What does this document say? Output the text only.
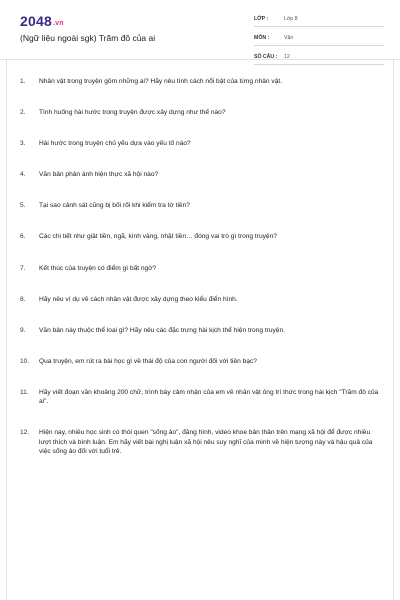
2048.vn
(Ngữ liệu ngoài sgk) Trăm đô của ai
LỚP :	Lớp 8
MÔN :	Văn
SỐ CÂU :	12
1.	Nhân vật trong truyện gồm những ai? Hãy nêu tính cách nổi bật của từng nhân vật.
2.	Tình huống hài hước trong truyện được xây dựng như thế nào?
3.	Hài hước trong truyện chủ yếu dựa vào yếu tố nào?
4.	Văn bản phản ánh hiện thực xã hội nào?
5.	Tại sao cảnh sát cũng bị bối rối khi kiểm tra tờ tiền?
6.	Các chi tiết như giật tiền, ngã, kính vàng, nhặt tiền… đóng vai trò gì trong truyện?
7.	Kết thúc của truyện có điểm gì bất ngờ?
8.	Hãy nêu ví dụ về cách nhân vật được xây dựng theo kiểu điển hình.
9.	Văn bản này thuộc thể loại gì? Hãy nêu các đặc trưng hài kịch thể hiện trong truyện.
10.	Qua truyện, em rút ra bài học gì về thái độ của con người đối với tiền bạc?
11.	Hãy viết đoạn văn khoảng 200 chữ, trình bày cảm nhận của em về nhân vật ông trí thức trong hài kịch "Trăm đô của ai".
12.	Hiện nay, nhiều học sinh có thói quen "sống ảo", đăng hình, video khoe bản thân trên mạng xã hội để được nhiều lượt thích và bình luận. Em hãy viết bài nghị luận xã hội nêu suy nghĩ của mình về hiện tượng này và hậu quả của việc sống ảo đối với tuổi trẻ.
